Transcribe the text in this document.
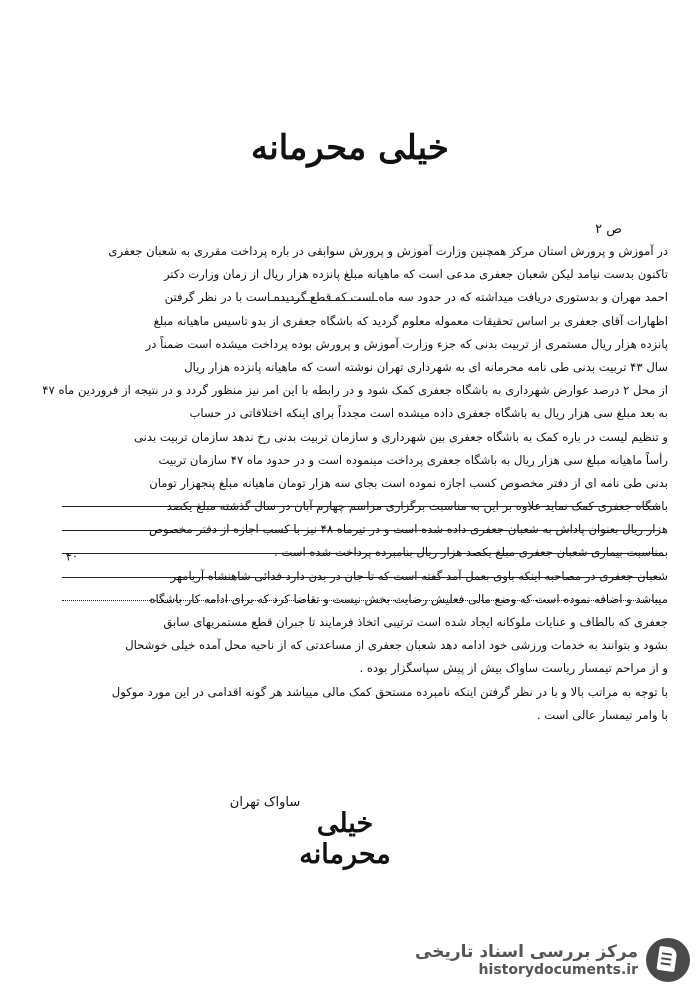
خیلی محرمانه
ص ۲
در آموزش و پرورش استان مرکز همچنین وزارت آموزش و پرورش سوابقی در باره پرداخت مقرری به شعبان جعفری
تاکنون بدست نیامد لیکن شعبان جعفری مدعی است که ماهیانه مبلغ پانزده هزار ریال از زمان وزارت دکتر
احمد مهران و بدستوری دریافت میداشته که در حدود سه ماه است که قطع گردیده است با در نظر گرفتن
اظهارات آقای جعفری بر اساس تحقیقات معموله معلوم گردید که باشگاه جعفری از بدو تاسیس ماهیانه مبلغ
پانزده هزار ریال مستمری از تربیت بدنی که جزء وزارت آموزش و پرورش بوده پرداخت میشده است ضمناً در
سال ۴۳ تربیت بدنی طی نامه محرمانه ای به شهرداری تهران نوشته است که ماهیانه پانزده هزار ریال
از محل ۲ درصد عوارض شهرداری به باشگاه جعفری کمک شود و در رابطه با این امر نیز منظور گردد و در نتیجه از فروردین ماه ۴۷
به بعد مبلغ سی هزار ریال به باشگاه جعفری داده میشده است مجدداً برای اینکه اختلافاتی در حساب
و تنظیم لیست در باره کمک به باشگاه جعفری بین شهرداری و سازمان تربیت بدنی رخ ندهد سازمان تربیت بدنی
رأساً ماهیانه مبلغ سی هزار ریال به باشگاه جعفری پرداخت مینموده است و در حدود ماه ۴۷ سازمان تربیت
بدنی طی نامه ای از دفتر مخصوص کسب اجازه نموده است بجای سه هزار تومان ماهیانه مبلغ پنجهزار تومان
باشگاه جعفری کمک نماید علاوه بر این به مناسبت برگزاری مراسم چهارم آبان در سال گذشته مبلغ یکصد
هزار ریال بعنوان پاداش به شعبان جعفری داده شده است و در تیرماه ۴۸ نیز با کسب اجازه از دفتر مخصوص
بمناسبت بیماری شعبان جعفری مبلغ یکصد هزار ریال بنامبرده پرداخت شده است .
شعبان جعفری در مصاحبه اینکه باوی بعمل آمد گفته است که تا جان در بدن دارد فدائی شاهنشاه آریامهر
میباشد و اضافه نموده است که وضع مالی فعلیش رضایت بخش نیست و تقاضا کرد که برای ادامه کار باشگاه
جعفری که بالطاف و عنایات ملوکانه ایجاد شده است ترتیبی اتخاذ فرمایند تا جبران قطع مستمریهای سابق
بشود و بتوانند به خدمات ورزشی خود ادامه دهد شعبان جعفری از مساعدتی که از ناحیه محل آمده خیلی خوشحال
و از مراحم تیمسار ریاست ساواک بیش از پیش سپاسگزار بوده .
با توجه به مراتب بالا و با در نظر گرفتن اینکه نامبرده مستحق کمک مالی میباشد هر گونه اقدامی در این مورد موکول
با وامر تیمسار عالی است .
۴۰
ساواک تهران
خیلی محرمانه
مرکز بررسی اسناد تاریخی
historydocuments.ir
